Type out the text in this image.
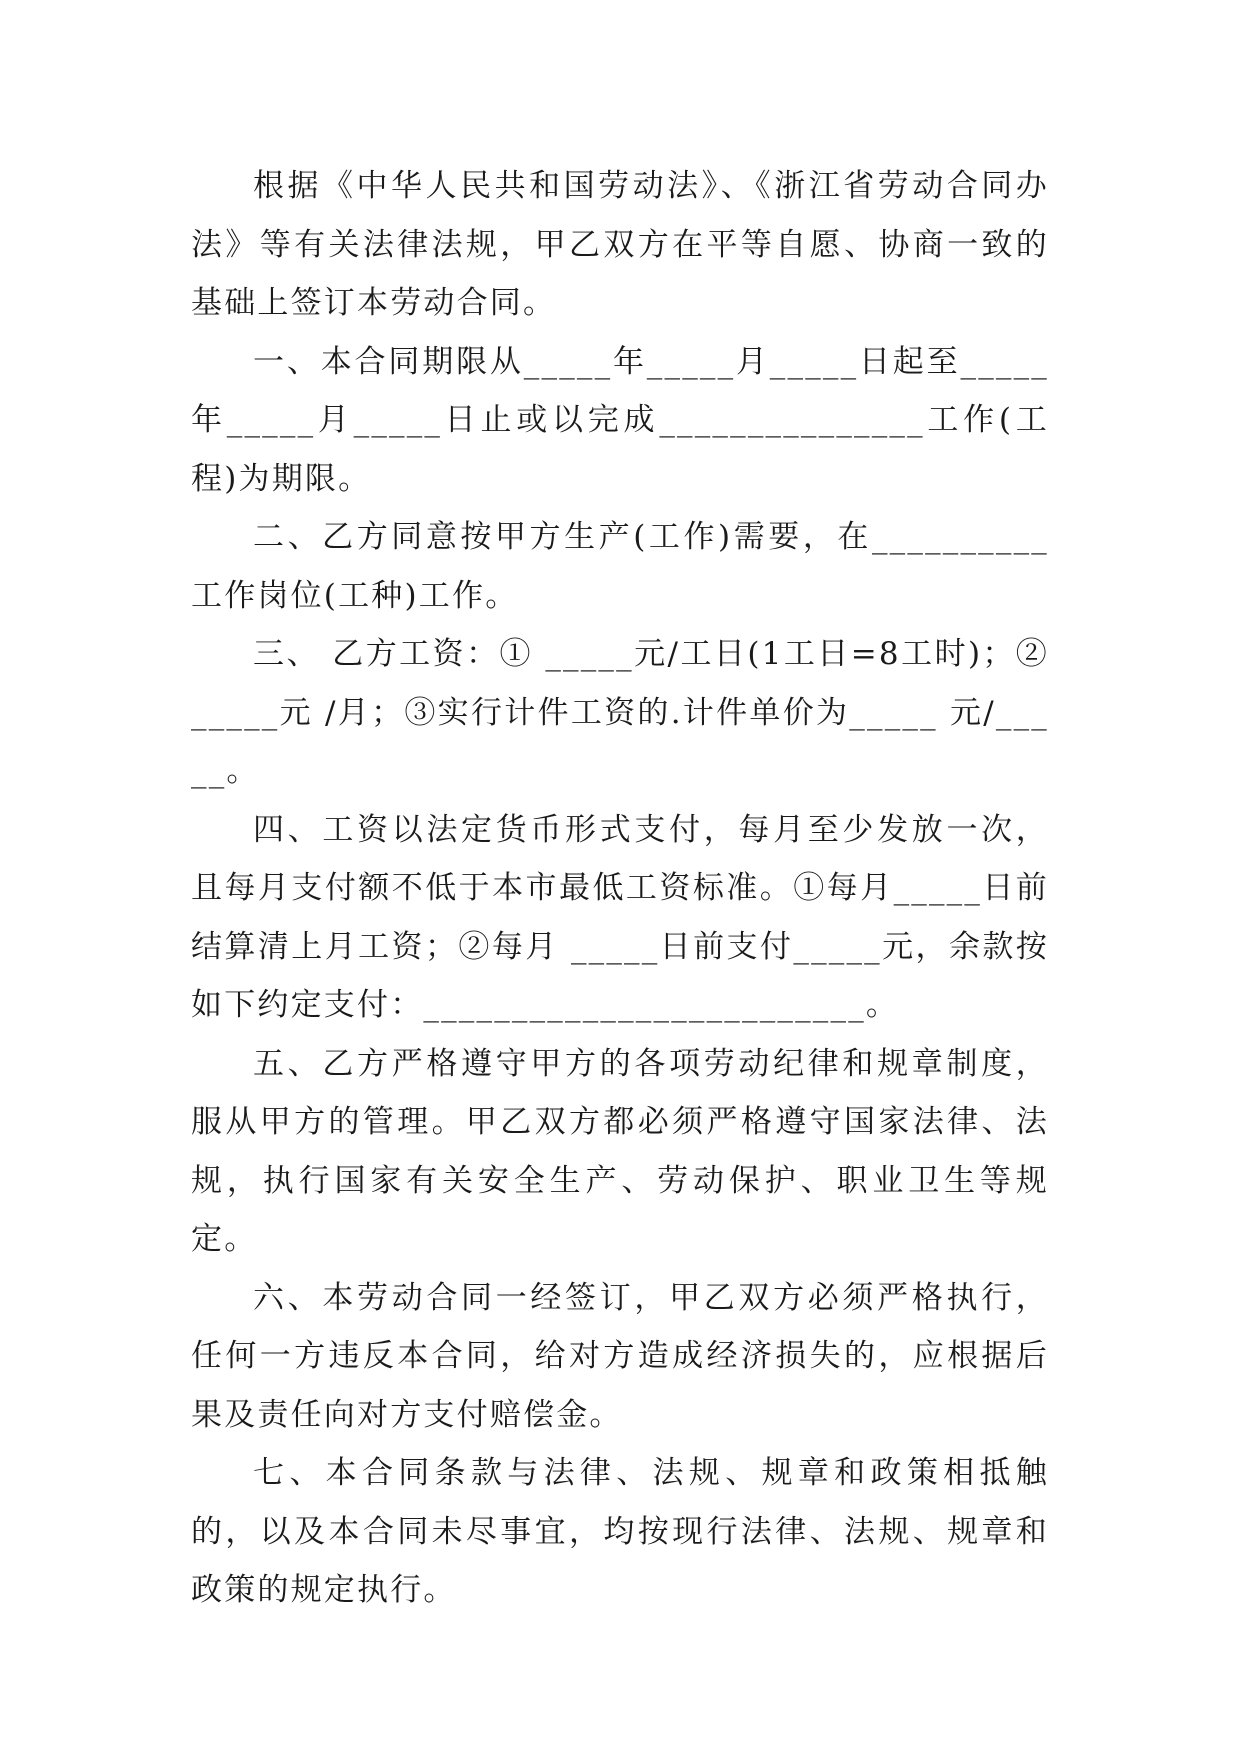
根据《中华人民共和国劳动法》、《浙江省劳动合同办法》等有关法律法规，甲乙双方在平等自愿、协商一致的基础上签订本劳动合同。

一、本合同期限从_____年_____月_____日起至_____年_____月_____日止或以完成_______________工作(工程)为期限。

二、乙方同意按甲方生产(工作)需要，在__________工作岗位(工种)工作。

三、 乙方工资：① _____元/工日(1工日=8工时)；②_____元 /月；③实行计件工资的.计件单价为_____ 元/_____。

四、工资以法定货币形式支付，每月至少发放一次，且每月支付额不低于本市最低工资标准。①每月_____日前结算清上月工资；②每月 _____日前支付_____元，余款按如下约定支付：_________________________。

五、乙方严格遵守甲方的各项劳动纪律和规章制度，服从甲方的管理。甲乙双方都必须严格遵守国家法律、法规，执行国家有关安全生产、劳动保护、职业卫生等规定。

六、本劳动合同一经签订，甲乙双方必须严格执行，任何一方违反本合同，给对方造成经济损失的，应根据后果及责任向对方支付赔偿金。

七、本合同条款与法律、法规、规章和政策相抵触的，以及本合同未尽事宜，均按现行法律、法规、规章和政策的规定执行。
